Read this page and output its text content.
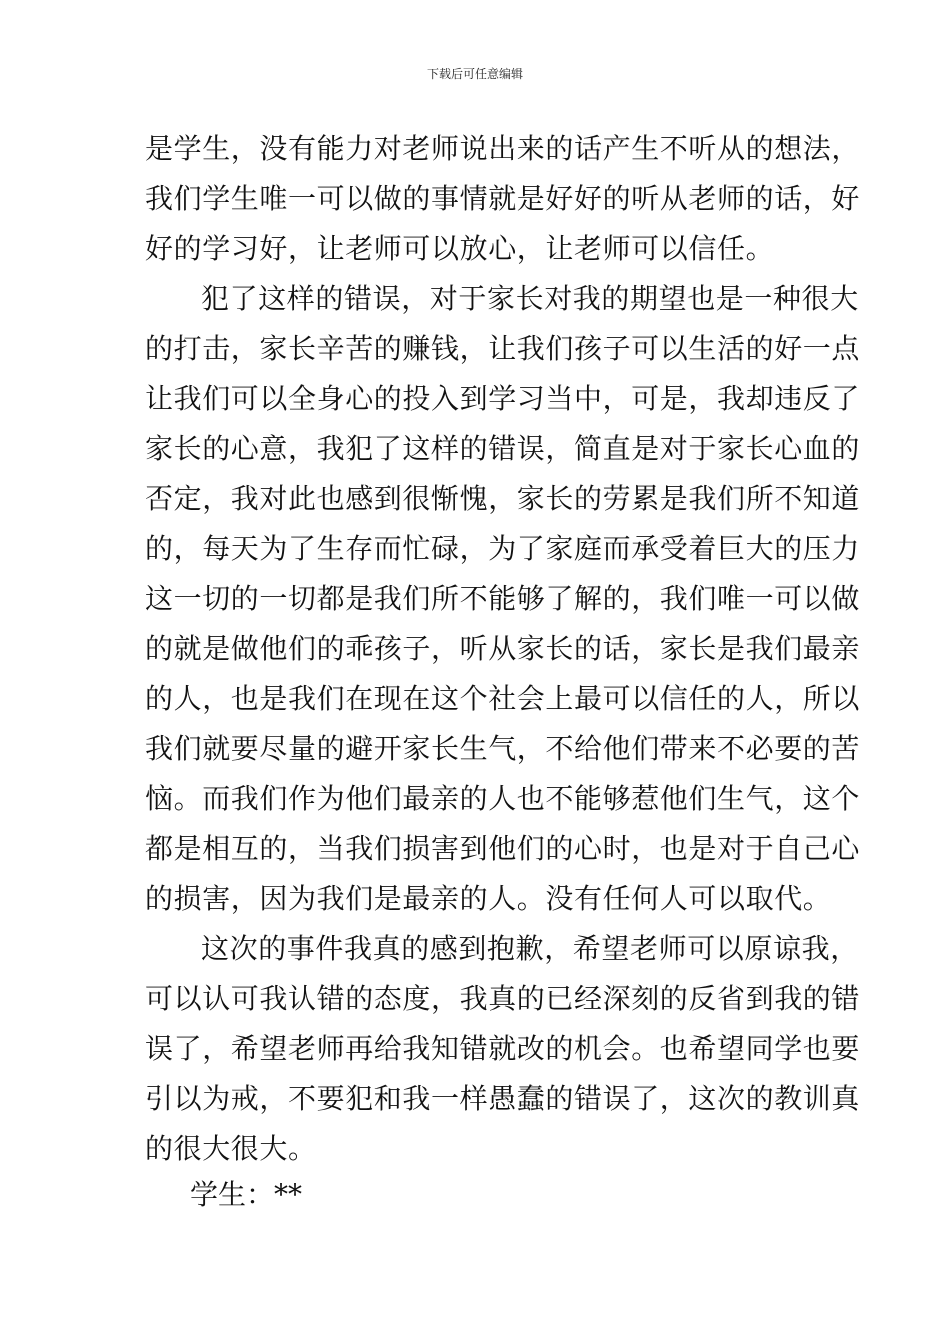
下载后可任意编辑
是学生，没有能力对老师说出来的话产生不听从的想法，
我们学生唯一可以做的事情就是好好的听从老师的话，好
好的学习好，让老师可以放心，让老师可以信任。
犯了这样的错误，对于家长对我的期望也是一种很大
的打击，家长辛苦的赚钱，让我们孩子可以生活的好一点
让我们可以全身心的投入到学习当中，可是，我却违反了
家长的心意，我犯了这样的错误，简直是对于家长心血的
否定，我对此也感到很惭愧，家长的劳累是我们所不知道
的，每天为了生存而忙碌，为了家庭而承受着巨大的压力
这一切的一切都是我们所不能够了解的，我们唯一可以做
的就是做他们的乖孩子，听从家长的话，家长是我们最亲
的人，也是我们在现在这个社会上最可以信任的人，所以
我们就要尽量的避开家长生气，不给他们带来不必要的苦
恼。而我们作为他们最亲的人也不能够惹他们生气，这个
都是相互的，当我们损害到他们的心时，也是对于自己心
的损害，因为我们是最亲的人。没有任何人可以取代。
这次的事件我真的感到抱歉，希望老师可以原谅我，
可以认可我认错的态度，我真的已经深刻的反省到我的错
误了，希望老师再给我知错就改的机会。也希望同学也要
引以为戒，不要犯和我一样愚蠢的错误了，这次的教训真
的很大很大。
学生：**
